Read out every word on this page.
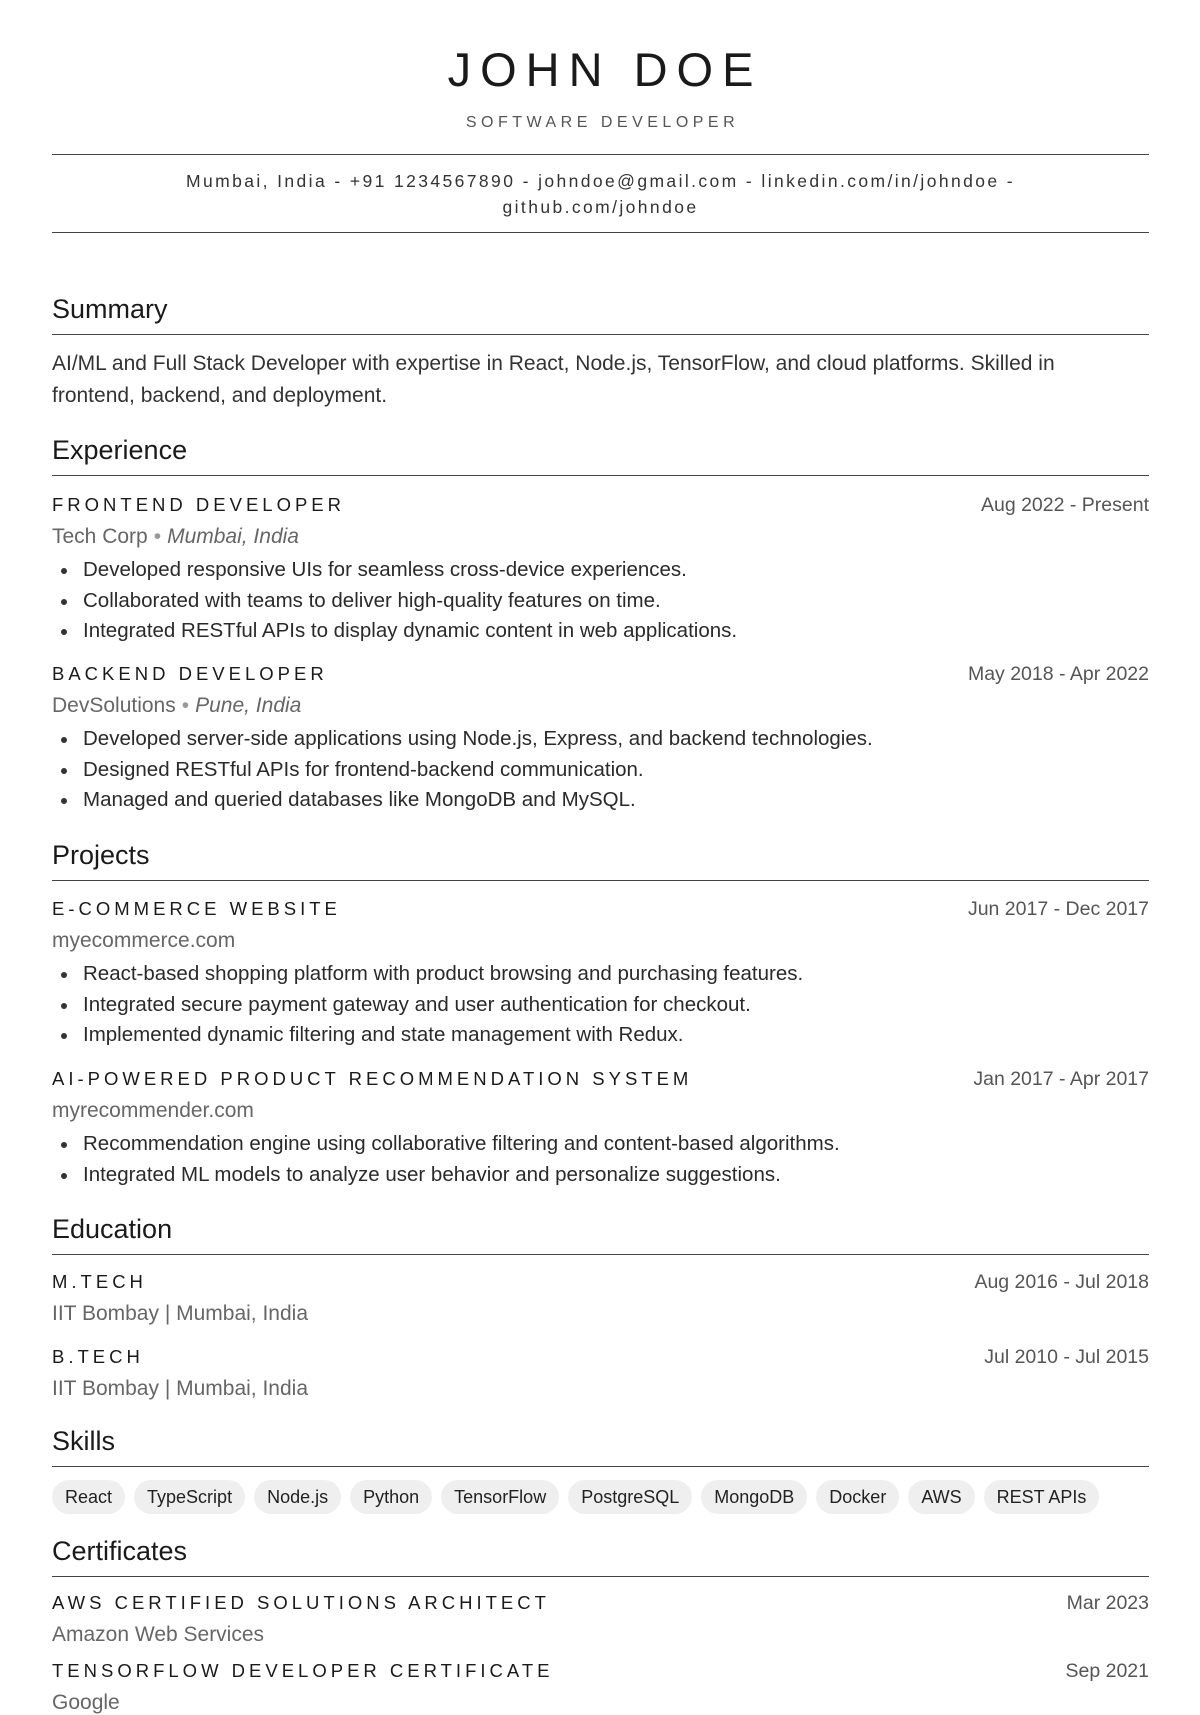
JOHN DOE
SOFTWARE DEVELOPER
Mumbai, India - +91 1234567890 - johndoe@gmail.com - linkedin.com/in/johndoe -
github.com/johndoe
Summary
AI/ML and Full Stack Developer with expertise in React, Node.js, TensorFlow, and cloud platforms. Skilled in frontend, backend, and deployment.
Experience
FRONTEND DEVELOPER	Aug 2022 - Present
Tech Corp • Mumbai, India
Developed responsive UIs for seamless cross-device experiences.
Collaborated with teams to deliver high-quality features on time.
Integrated RESTful APIs to display dynamic content in web applications.
BACKEND DEVELOPER	May 2018 - Apr 2022
DevSolutions • Pune, India
Developed server-side applications using Node.js, Express, and backend technologies.
Designed RESTful APIs for frontend-backend communication.
Managed and queried databases like MongoDB and MySQL.
Projects
E-COMMERCE WEBSITE	Jun 2017 - Dec 2017
myecommerce.com
React-based shopping platform with product browsing and purchasing features.
Integrated secure payment gateway and user authentication for checkout.
Implemented dynamic filtering and state management with Redux.
AI-POWERED PRODUCT RECOMMENDATION SYSTEM	Jan 2017 - Apr 2017
myrecommender.com
Recommendation engine using collaborative filtering and content-based algorithms.
Integrated ML models to analyze user behavior and personalize suggestions.
Education
M.TECH	Aug 2016 - Jul 2018
IIT Bombay | Mumbai, India
B.TECH	Jul 2010 - Jul 2015
IIT Bombay | Mumbai, India
Skills
React	TypeScript	Node.js	Python	TensorFlow	PostgreSQL	MongoDB	Docker	AWS	REST APIs
Certificates
AWS CERTIFIED SOLUTIONS ARCHITECT	Mar 2023
Amazon Web Services
TENSORFLOW DEVELOPER CERTIFICATE	Sep 2021
Google
